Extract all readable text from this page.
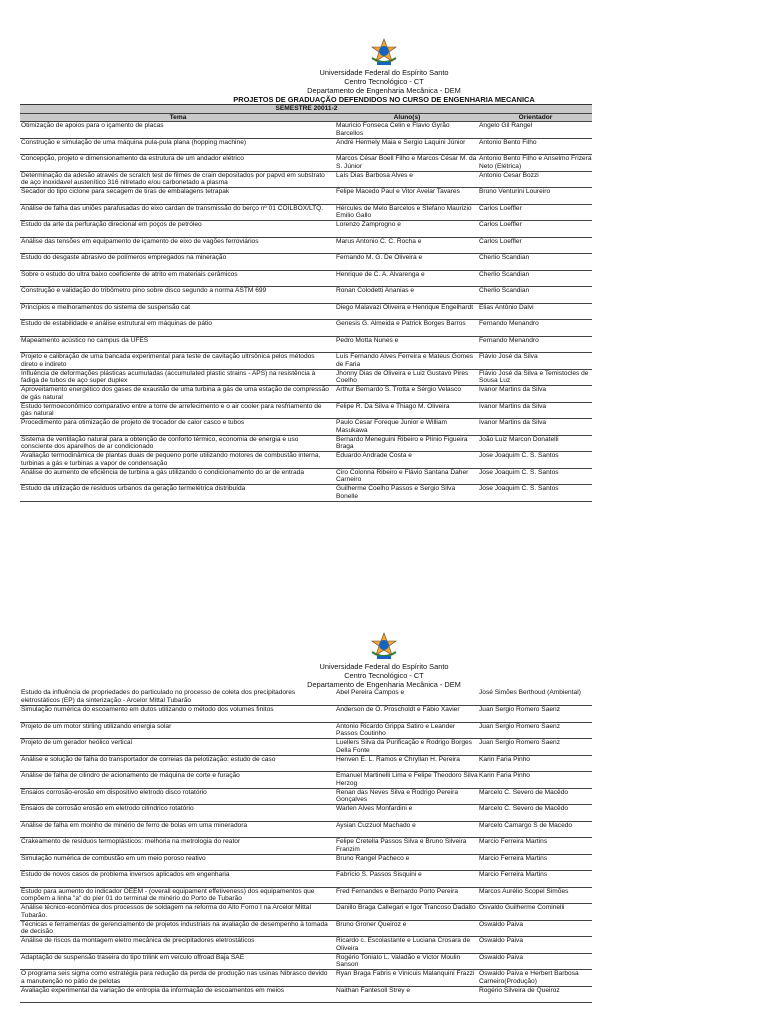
Universidade Federal do Espírito Santo
Centro Tecnológico - CT
Departamento de Engenharia Mecânica - DEM
PROJETOS DE GRADUAÇÃO DEFENDIDOS NO CURSO DE ENGENHARIA MECANICA
SEMESTRE 20011-2		
Tema	Aluno(s)	Orientador
Otimização de apoios para o içamento de placas	Mauricio Fonseca Celin e Flavio Gyrão Barcellos	Angelo Gil Rangel
Construção e simulação de uma máquina pula-pula plana (hopping machine)	André Hermely Maia e Sergio Laquini Júnior	Antonio Bento Filho
Concepção, projeto e dimensionamento da estrutura de um andador elétrico	Marcos César Boell Filho e Marcos César M. da S. Júnior	Antonio Bento Filho e Anselmo Frizera Neto (Elétrica)
Determinação da adesão através de scratch test de filmes de crain depositados por papvd em substrato de aço inoxidavel austenítico 316 nitretado e/ou carbonetado a plasma	Laís Dias Barbosa Alves e	Antonio Cesar Bozzi
Secador do tipo ciclone para secagem de tiras de embalagens tetrapak	Felipe Macedo Paul e Vitor Avelar Tavares	Bruno Venturini Loureiro
Análise de falha das uniões parafusadas do eixo cardan de transmissão do berço nº 01 COILBOX/LTQ.	Hércules de Melo Barcelos e Stefano Maurizio Emilio Gallo	Carlos Loeffler
Estudo da arte da perfuração direcional em poços de petróleo	Lorenzo Zamprogno e	Carlos Loeffler
Análise das tensões em equipamento de içamento de eixo de vagões ferroviários	Marus Antonio C. C. Rocha e	Carlos Loeffler
Estudo do desgaste abrasivo de polímeros empregados na mineração	Fernando M. G. De Oliveira e	Cherlio Scandian
Sobre o estudo do ultra baixo coeficiente de atrito em materiais cerâmicos	Henrique de C. A. Alvarenga e	Cherlio Scandian
Construção e validação do tribômetro pino sobre disco segundo a norma ASTM 699	Ronan Colodetti Ananias e	Cherlio Scandian
Princípios e melhoramentos do sistema de suspensão cat	Diego Malavazi Oliveira e Henrique Engelhardt	Elias Antônio Dalvi
Estudo de estabilidade e análise estrutural em máquinas de pátio	Genesis G. Almeida e Patrick Borges Barros	Fernando Menandro
Mapeamento acústico no campus da UFES	Pedro Motta Nunes e	Fernando Menandro
Projeto e calibração de uma bancada experimental para teste de cavitação ultrsônica pelos métodos direto e indireto	Luís Fernando Alves Ferreira e Mateus Gomes de Faria	Flávio José da Silva
Influência de deformações plásticas acumuladas (accumulated plastic strains - APS) na resistência à fadiga de tubos de aço super duplex	Jhonny Dias de Oliveira e Luiz Gustavo Pires Coelho	Flávio José da Silva e Temistocles de Sousa Luz
Aproveitamento energético dos gases de exaustão de uma turbina a gás de uma estação de compressão de gás natural	Arthur Bernardo S. Trotta e Sérgio Velasco	Ivanor Martins da Silva
Estudo termoeconômico comparativo entre a torre de arrefecimento e o air cooler para resfriamento de gás natural	Felipe R. Da Silva e Thiago M. Oliveira	Ivanor Martins da Silva
Procedimento para otimização de projeto de trocador de calor casco e tubos	Paulo Cesar Foreque Junior e William Masukawa	Ivanor Martins da Silva
Sistema de ventilação natural para a obtenção de conforto térmico, economia de energia e uso consciente dos aparelhos de ar condicionado	Bernardo Meneguini Ribeiro e Plínio Figueira Braga	João Luiz Marcon Donatelli
Avaliação termodinâmica de plantas duais de pequeno porte utilizando motores de combustão interna, turbinas a gás e turbinas a vapor de condensação	Eduardo Andrade Costa e	Jose Joaquim C. S. Santos
Análise do aumento de eficiência de turbina a gás utilizando o condicionamento do ar de entrada	Ciro Colonna Ribeiro e Flávio Santana Daher Carneiro	Jose Joaquim C. S. Santos
Estudo da utilização de resíduos urbanos da geração termelétrica distribuída	Guilherme Coelho Passos e Sergio Silva Bonelle	Jose Joaquim C. S. Santos
Universidade Federal do Espírito Santo
Centro Tecnológico - CT
Departamento de Engenharia Mecânica - DEM
Estudo da influência de propriedades do particulado no processo de coleta dos precipitadores eletrostáticos (EP) da sinterização - Arcelor Mittal Tubarão	Abel Pereira Campos e	José Simões Berthoud (Ambiental)
Simulação numérica do escoamento em dutos utilizando o método dos volumes finitos	Anderson de O. Proscholdt e Fábio Xavier	Juan Sergio Romero Saenz
Projeto de um motor stirling utilizando energia solar	Antonio Ricardo Grippa Satiro e Leander Passos Coutinho	Juan Sergio Romero Saenz
Projeto de um gerador heólico vertical	Luellers Silva da Purificação e Rodrigo Borges Della Fonte	Juan Sergio Romero Saenz
Análise e solução de falha do transportador de correias da pelotização: estudo de caso	Henven E. L. Ramos e Chryllan H. Pereira	Karin Faria Pinho
Análise de falha de cilindro de acionamento de máquina de corte e furação	Emanuel Martinelli Lima e Felipe Theodoro Silva Herzog	Karin Faria Pinho
Ensaios corrosão-erosão em dispositivo eletrodo disco rotatório	Renan das Neves Silva e Rodrigo Pereira Gonçalves	Marcelo C. Severo de Macêdo
Ensaios de corrosão erosão em eletrodo cilíndrico rotatório	Warlen Alves Monfardini e	Marcelo C. Severo de Macêdo
Análise de falha em moinho de minério de ferro de bolas em uma mineradora	Aysian Cuzzuol Machado e	Marcelo Camargo S de Macedo
Crakeamento de resíduos termoplásticos: melhoria na metrologia do reator	Felipe Cretella Passos Silva e Bruno Silveira Franzim	Marcio Ferreira Martins
Simulação numérica de combustão em um meio poroso reativo	Bruno Rangel Pacheco e	Marcio Ferreira Martins
Estudo de novos casos de problema inversos aplicados em engenharia	Fabrício S. Passos Sisquini e	Marcio Ferreira Martins
Estudo para aumento do indicador OEEM - (overall equipament effetiveness) dos equipamentos que compõem a linha "a" do píer 01 do terminal de minério do Porto de Tubarão	Fred Fernandes e Bernardo Porto Pereira	Marcos Aurélio Scopel Simões
Análise técnico-econômica dos processos de soldagem na reforma do Alto Forno I na Arcelor Mittal Tubarão.	Danillo Braga Callegari e Igor Trancoso Dadalto	Osvaldo Guilherme Cominelli
Técnicas e ferramentas de gerenciamento de projetos industriais na avaliação de desempenho à tomada de decisão	Bruno Groner Queiroz e	Oswaldo Paiva
Análise de riscos da montagem eletro mecânica de precipitadores eletrostáticos	Ricardo c. Escolastante e Luciana Crosara de Oliveira	Oswaldo Paiva
Adaptação de suspensão traseira do tipo trilink em veículo offroad Baja SAE	Rogério Toniato L. Valadão e Victor Moulin Sanson	Oswaldo Paiva
O programa seis sigma como estratégia para redução da perda de produção nas usinas Nibrasco devido a manutenção no pátio de pelotas	Ryan Braga Fabris e Vinicuis Malanquini Frazzi	Oswaldo Paiva e Herbert Barbosa Carneiro(Produção)
Avaliação experimental da variação de entropia da informação de escoamentos em meios	Naithan Fantesoll Strey e	Rogério Silveira de Queiroz
